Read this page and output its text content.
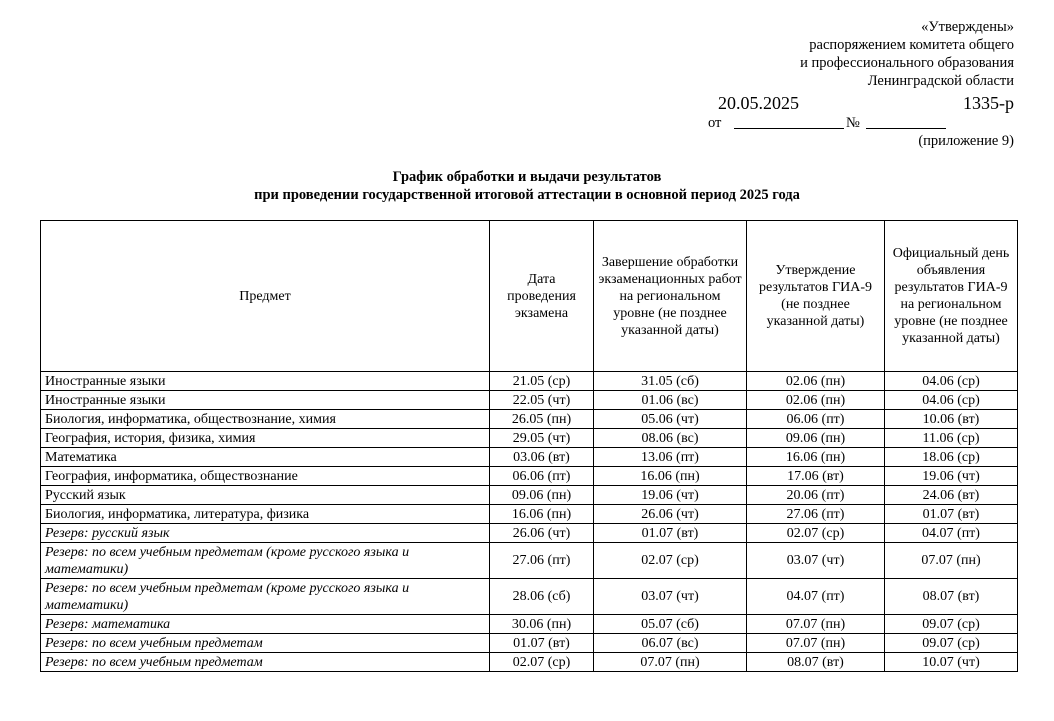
«Утверждены»
распоряжением комитета общего
и профессионального образования
Ленинградской области
20.05.2025	1335-р
от	№
(приложение 9)
График обработки и выдачи результатов
при проведении государственной итоговой аттестации в основной период 2025 года
Предмет	Дата проведения экзамена	Завершение обработки экзаменационных работ на региональном уровне (не позднее указанной даты)	Утверждение результатов ГИА-9 (не позднее указанной даты)	Официальный день объявления результатов ГИА-9 на региональном уровне (не позднее указанной даты)
Иностранные языки	21.05 (ср)	31.05 (сб)	02.06 (пн)	04.06 (ср)
Иностранные языки	22.05 (чт)	01.06 (вс)	02.06 (пн)	04.06 (ср)
Биология, информатика, обществознание, химия	26.05 (пн)	05.06 (чт)	06.06 (пт)	10.06 (вт)
География, история, физика, химия	29.05 (чт)	08.06 (вс)	09.06 (пн)	11.06 (ср)
Математика	03.06 (вт)	13.06 (пт)	16.06 (пн)	18.06 (ср)
География, информатика, обществознание	06.06 (пт)	16.06 (пн)	17.06 (вт)	19.06 (чт)
Русский язык	09.06 (пн)	19.06 (чт)	20.06 (пт)	24.06 (вт)
Биология, информатика, литература, физика	16.06 (пн)	26.06 (чт)	27.06 (пт)	01.07 (вт)
Резерв: русский язык	26.06 (чт)	01.07 (вт)	02.07 (ср)	04.07 (пт)
Резерв: по всем учебным предметам (кроме русского языка и математики)	27.06 (пт)	02.07 (ср)	03.07 (чт)	07.07 (пн)
Резерв: по всем учебным предметам (кроме русского языка и математики)	28.06 (сб)	03.07 (чт)	04.07 (пт)	08.07 (вт)
Резерв: математика	30.06 (пн)	05.07 (сб)	07.07 (пн)	09.07 (ср)
Резерв: по всем учебным предметам	01.07 (вт)	06.07 (вс)	07.07 (пн)	09.07 (ср)
Резерв: по всем учебным предметам	02.07 (ср)	07.07 (пн)	08.07 (вт)	10.07 (чт)
